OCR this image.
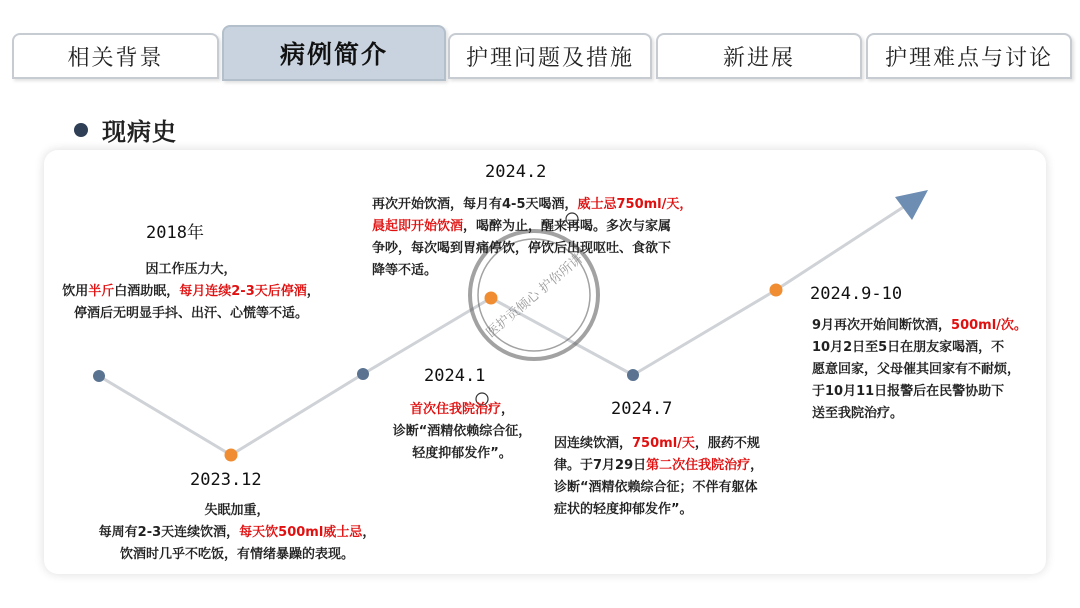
相关背景	病例简介	护理问题及措施	新进展	护理难点与讨论
现病史
医护贡倾心 护你所讲
2018年
因工作压力大，
饮用半斤白酒助眠，每月连续2-3天后停酒，
停酒后无明显手抖、出汗、心慌等不适。
2023.12
失眠加重，
每周有2-3天连续饮酒，每天饮500ml威士忌，
饮酒时几乎不吃饭，有情绪暴躁的表现。
2024.1
首次住我院治疗，
诊断“酒精依赖综合征，
轻度抑郁发作”。
2024.2
再次开始饮酒，每月有4-5天喝酒，威士忌750ml/天，
晨起即开始饮酒，喝醉为止，醒来再喝。多次与家属
争吵，每次喝到胃痛停饮，停饮后出现呕吐、食欲下
降等不适。
2024.7
因连续饮酒，750ml/天，服药不规
律。于7月29日第二次住我院治疗，
诊断“酒精依赖综合征；不伴有躯体
症状的轻度抑郁发作”。
2024.9-10
9月再次开始间断饮酒，500ml/次。
10月2日至5日在朋友家喝酒，不
愿意回家，父母催其回家有不耐烦，
于10月11日报警后在民警协助下
送至我院治疗。
